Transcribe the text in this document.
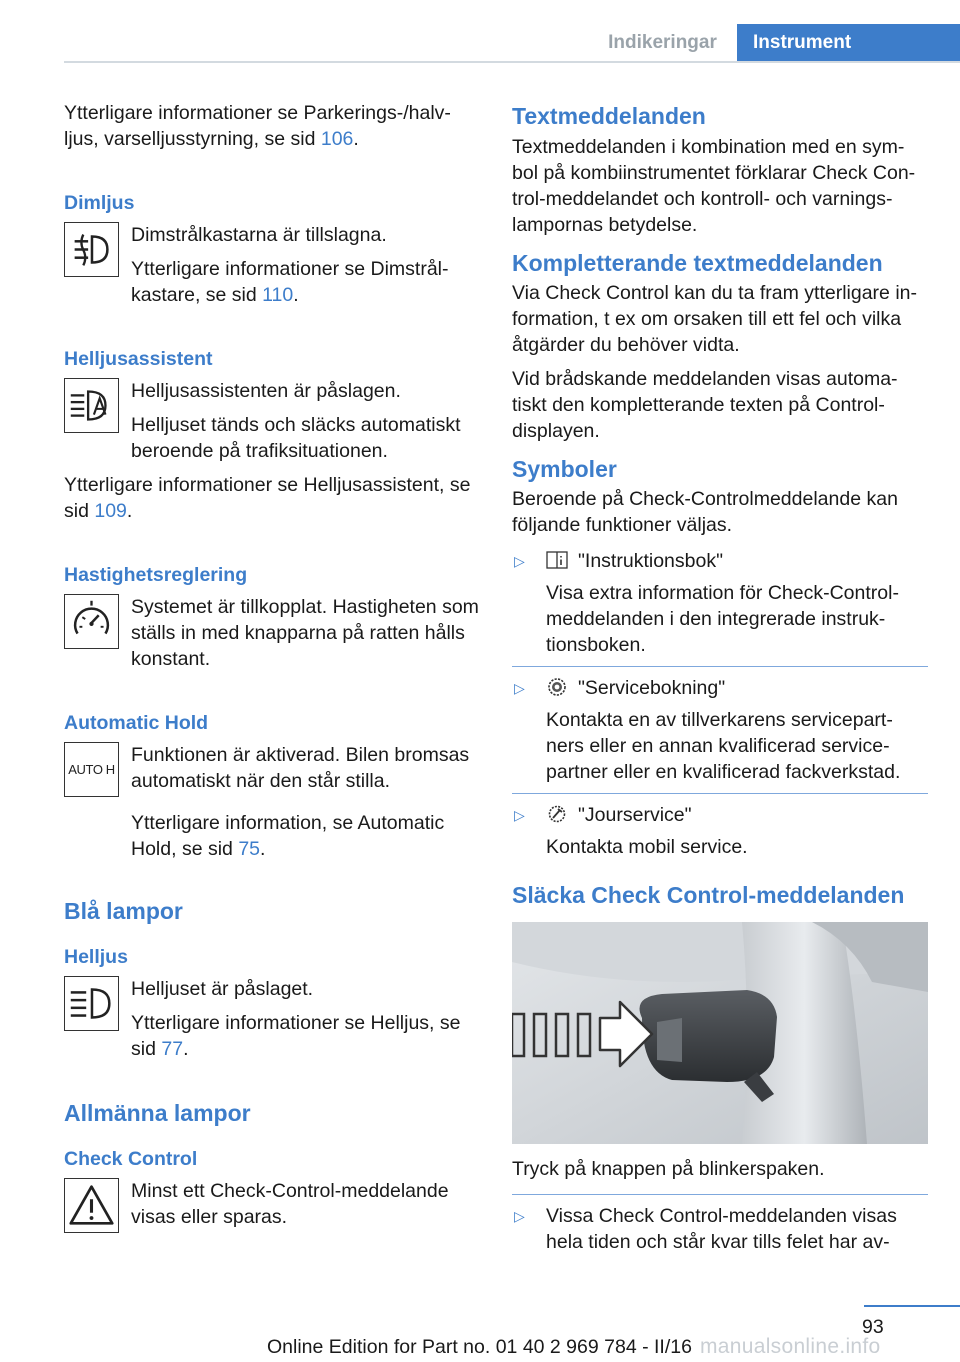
Indikeringar	Instrument

Ytterligare informationer se Parkerings-/halv-ljus, varselljusstyrning, se sid 106.

Dimljus

Dimstrålkastarna är tillslagna.

Ytterligare informationer se Dimstrål-kastare, se sid 110.

Helljusassistent

Helljusassistenten är påslagen.

Helljuset tänds och släcks automatiskt beroende på trafiksituationen.

Ytterligare informationer se Helljusassistent, se sid 109.

Hastighetsreglering

Systemet är tillkopplat. Hastigheten som ställs in med knapparna på ratten hålls konstant.

Automatic Hold
AUTO H

Funktionen är aktiverad. Bilen bromsas automatiskt när den står stilla.

Ytterligare information, se Automatic Hold, se sid 75.

Blå lampor
Helljus

Helljuset är påslaget.

Ytterligare informationer se Helljus, se sid 77.

Allmänna lampor
Check Control

Minst ett Check-Control-meddelande visas eller sparas.

Textmeddelanden

Textmeddelanden i kombination med en sym-bol på kombiinstrumentet förklarar Check Con-trol-meddelandet och kontroll- och varnings-lampornas betydelse.

Kompletterande textmeddelanden

Via Check Control kan du ta fram ytterligare in-formation, t ex om orsaken till ett fel och vilka åtgärder du behöver vidta.

Vid brådskande meddelanden visas automa-tiskt den kompletterande texten på Control-displayen.

Symboler

Beroende på Check-Controlmeddelande kan följande funktioner väljas.

▷	"Instruktionsbok"

Visa extra information för Check-Control-meddelanden i den integrerade instruk-tionsboken.

▷	"Servicebokning"

Kontakta en av tillverkarens servicepart-ners eller en annan kvalificerad service-partner eller en kvalificerad fackverkstad.

▷	"Jourservice"

Kontakta mobil service.

Släcka Check Control-meddelanden

Tryck på knappen på blinkerspaken.

▷ Vissa Check Control-meddelanden visas hela tiden och står kvar tills felet har av-

93
Online Edition for Part no. 01 40 2 969 784 - II/16 manualsonline.info
